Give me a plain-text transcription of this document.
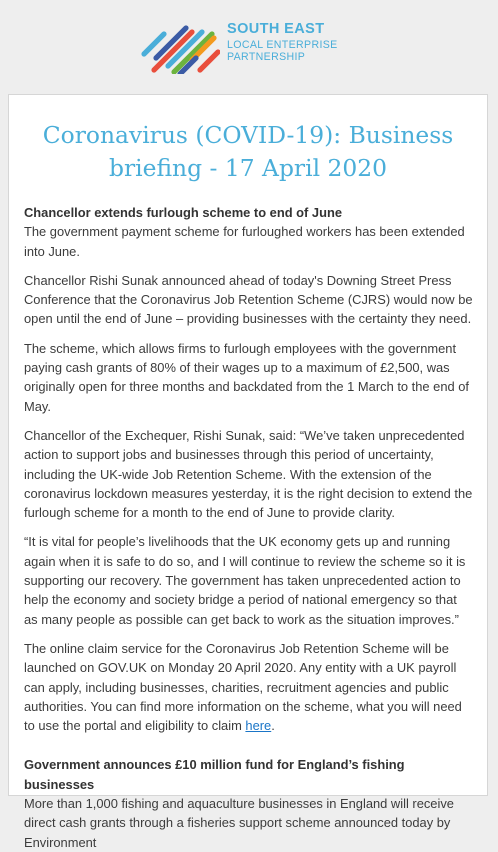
SOUTH EAST
LOCAL ENTERPRISE
PARTNERSHIP
Coronavirus (COVID-19): Business briefing - 17 April 2020

Chancellor extends furlough scheme to end of June

The government payment scheme for furloughed workers has been extended into June.

Chancellor Rishi Sunak announced ahead of today's Downing Street Press Conference that the Coronavirus Job Retention Scheme (CJRS) would now be open until the end of June – providing businesses with the certainty they need.

The scheme, which allows firms to furlough employees with the government paying cash grants of 80% of their wages up to a maximum of £2,500, was originally open for three months and backdated from the 1 March to the end of May.

Chancellor of the Exchequer, Rishi Sunak, said: “We’ve taken unprecedented action to support jobs and businesses through this period of uncertainty, including the UK-wide Job Retention Scheme. With the extension of the coronavirus lockdown measures yesterday, it is the right decision to extend the furlough scheme for a month to the end of June to provide clarity.

“It is vital for people’s livelihoods that the UK economy gets up and running again when it is safe to do so, and I will continue to review the scheme so it is supporting our recovery. The government has taken unprecedented action to help the economy and society bridge a period of national emergency so that as many people as possible can get back to work as the situation improves.”

The online claim service for the Coronavirus Job Retention Scheme will be launched on GOV.UK on Monday 20 April 2020. Any entity with a UK payroll can apply, including businesses, charities, recruitment agencies and public authorities. You can find more information on the scheme, what you will need to use the portal and eligibility to claim here.

Government announces £10 million fund for England’s fishing businesses

More than 1,000 fishing and aquaculture businesses in England will receive direct cash grants through a fisheries support scheme announced today by Environment
